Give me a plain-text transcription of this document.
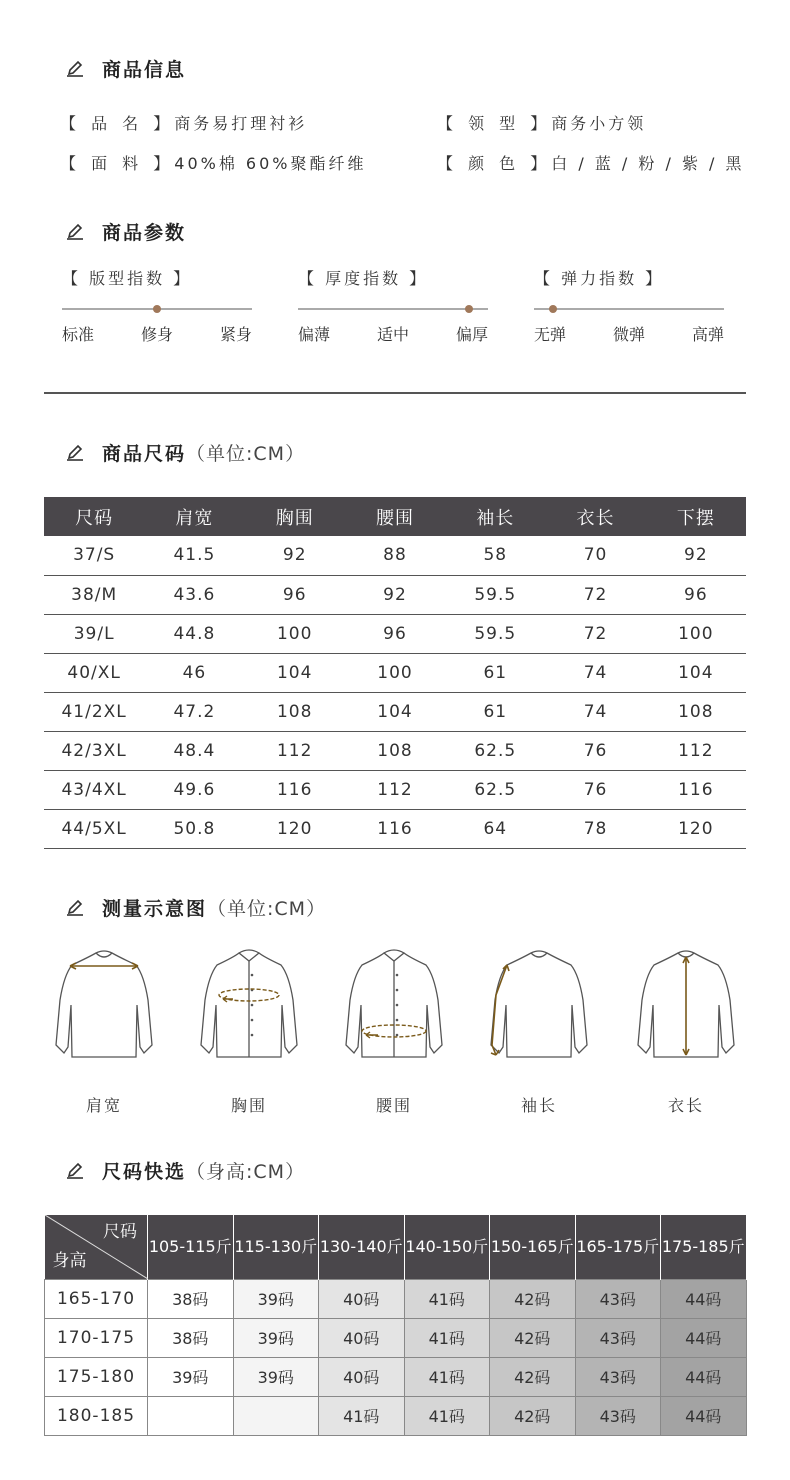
商品信息
【 品 名 】商务易打理衬衫	【 领 型 】商务小方领
【 面 料 】40%棉 60%聚酯纤维	【 颜 色 】白 / 蓝 / 粉 / 紫 / 黑
商品参数
【 版型指数 】
标准	修身	紧身
【 厚度指数 】
偏薄	适中	偏厚
【 弹力指数 】
无弹	微弹	高弹
商品尺码 （单位:CM）
尺码	肩宽	胸围	腰围	袖长	衣长	下摆
37/S	41.5	92	88	58	70	92
38/M	43.6	96	92	59.5	72	96
39/L	44.8	100	96	59.5	72	100
40/XL	46	104	100	61	74	104
41/2XL	47.2	108	104	61	74	108
42/3XL	48.4	112	108	62.5	76	112
43/4XL	49.6	116	112	62.5	76	116
44/5XL	50.8	120	116	64	78	120
测量示意图 （单位:CM）
肩宽	胸围	腰围	袖长	衣长
尺码快选 （身高:CM）
尺码
身高	105-115斤	115-130斤	130-140斤	140-150斤	150-165斤	165-175斤	175-185斤
165-170	38码	39码	40码	41码	42码	43码	44码
170-175	38码	39码	40码	41码	42码	43码	44码
175-180	39码	39码	40码	41码	42码	43码	44码
180-185			41码	41码	42码	43码	44码
